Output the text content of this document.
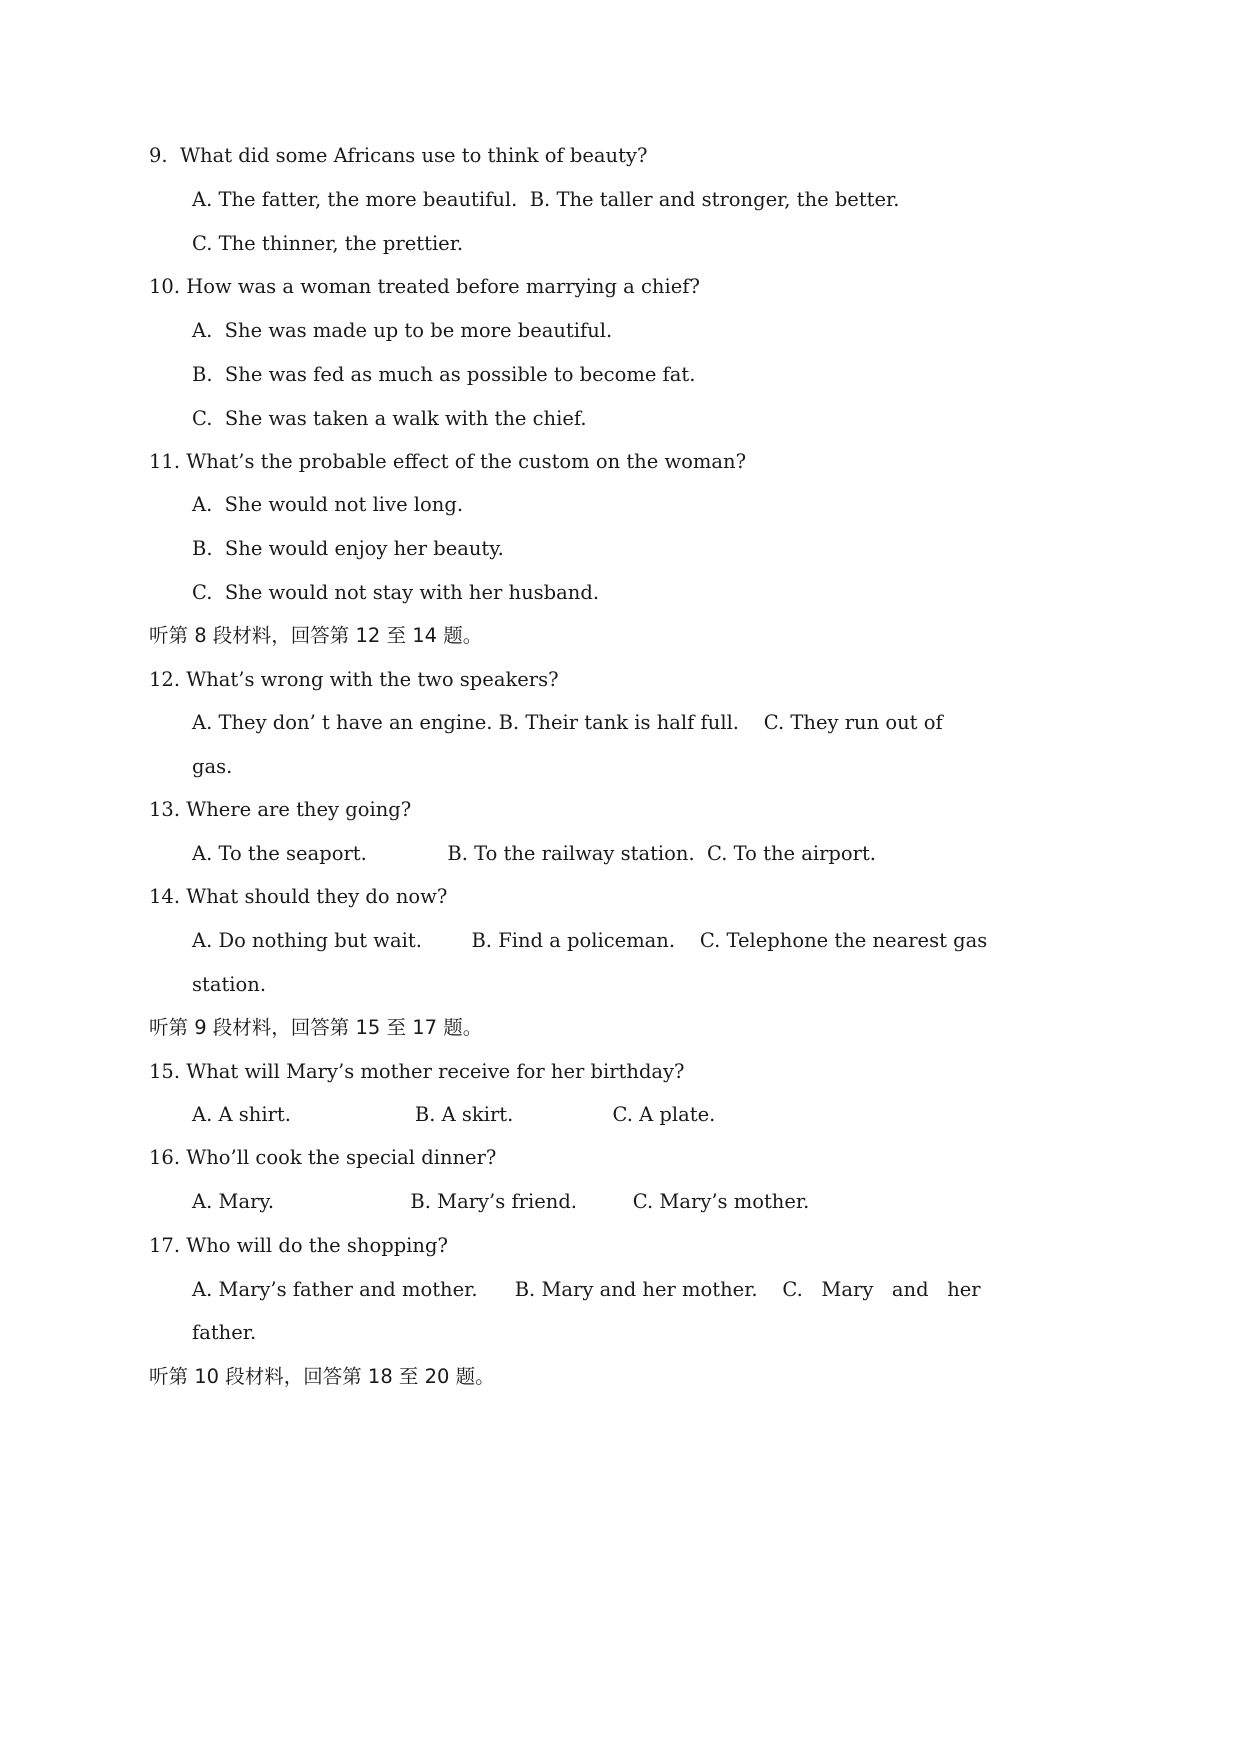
9.  What did some Africans use to think of beauty?
A. The fatter, the more beautiful.  B. The taller and stronger, the better.
C. The thinner, the prettier.
10. How was a woman treated before marrying a chief?
A.  She was made up to be more beautiful.
B.  She was fed as much as possible to become fat.
C.  She was taken a walk with the chief.
11. What’s the probable effect of the custom on the woman?
A.  She would not live long.
B.  She would enjoy her beauty.
C.  She would not stay with her husband.
听第 8 段材料，回答第 12 至 14 题。
12. What’s wrong with the two speakers?
A. They don’ t have an engine. B. Their tank is half full.    C. They run out of
gas.
13. Where are they going?
A. To the seaport.             B. To the railway station.  C. To the airport.
14. What should they do now?
A. Do nothing but wait.        B. Find a policeman.    C. Telephone the nearest gas
station.
听第 9 段材料，回答第 15 至 17 题。
15. What will Mary’s mother receive for her birthday?
A. A shirt.                    B. A skirt.                C. A plate.
16. Who’ll cook the special dinner?
A. Mary.                      B. Mary’s friend.         C. Mary’s mother.
17. Who will do the shopping?
A. Mary’s father and mother.      B. Mary and her mother.    C.   Mary   and   her
father.
听第 10 段材料，回答第 18 至 20 题。
